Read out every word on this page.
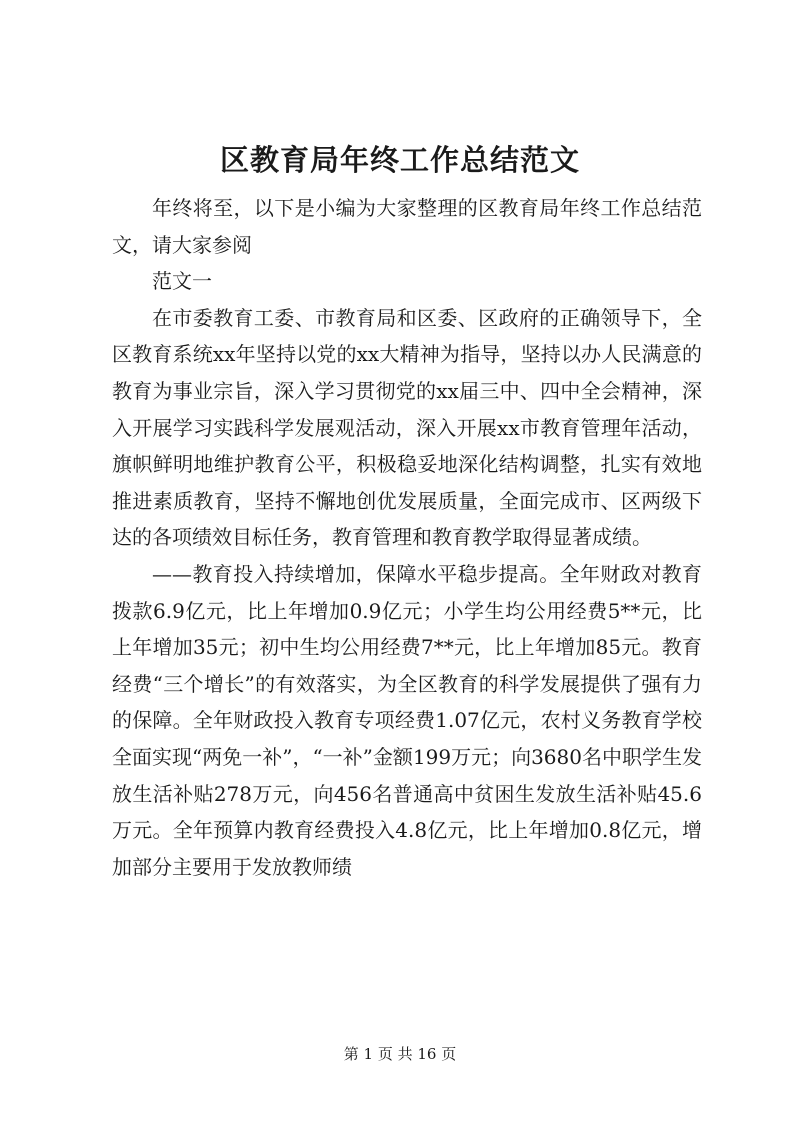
区教育局年终工作总结范文

年终将至，以下是小编为大家整理的区教育局年终工作总结范文，请大家参阅

范文一

在市委教育工委、市教育局和区委、区政府的正确领导下，全区教育系统xx年坚持以党的xx大精神为指导，坚持以办人民满意的教育为事业宗旨，深入学习贯彻党的xx届三中、四中全会精神，深入开展学习实践科学发展观活动，深入开展xx市教育管理年活动，旗帜鲜明地维护教育公平，积极稳妥地深化结构调整，扎实有效地推进素质教育，坚持不懈地创优发展质量，全面完成市、区两级下达的各项绩效目标任务，教育管理和教育教学取得显著成绩。

——教育投入持续增加，保障水平稳步提高。全年财政对教育拨款6.9亿元，比上年增加0.9亿元；小学生均公用经费5**元，比上年增加35元；初中生均公用经费7**元，比上年增加85元。教育经费“三个增长”的有效落实，为全区教育的科学发展提供了强有力的保障。全年财政投入教育专项经费1.07亿元，农村义务教育学校全面实现“两免一补”，“一补”金额199万元；向3680名中职学生发放生活补贴278万元，向456名普通高中贫困生发放生活补贴45.6万元。全年预算内教育经费投入4.8亿元，比上年增加0.8亿元，增加部分主要用于发放教师绩

第 1 页 共 16 页
